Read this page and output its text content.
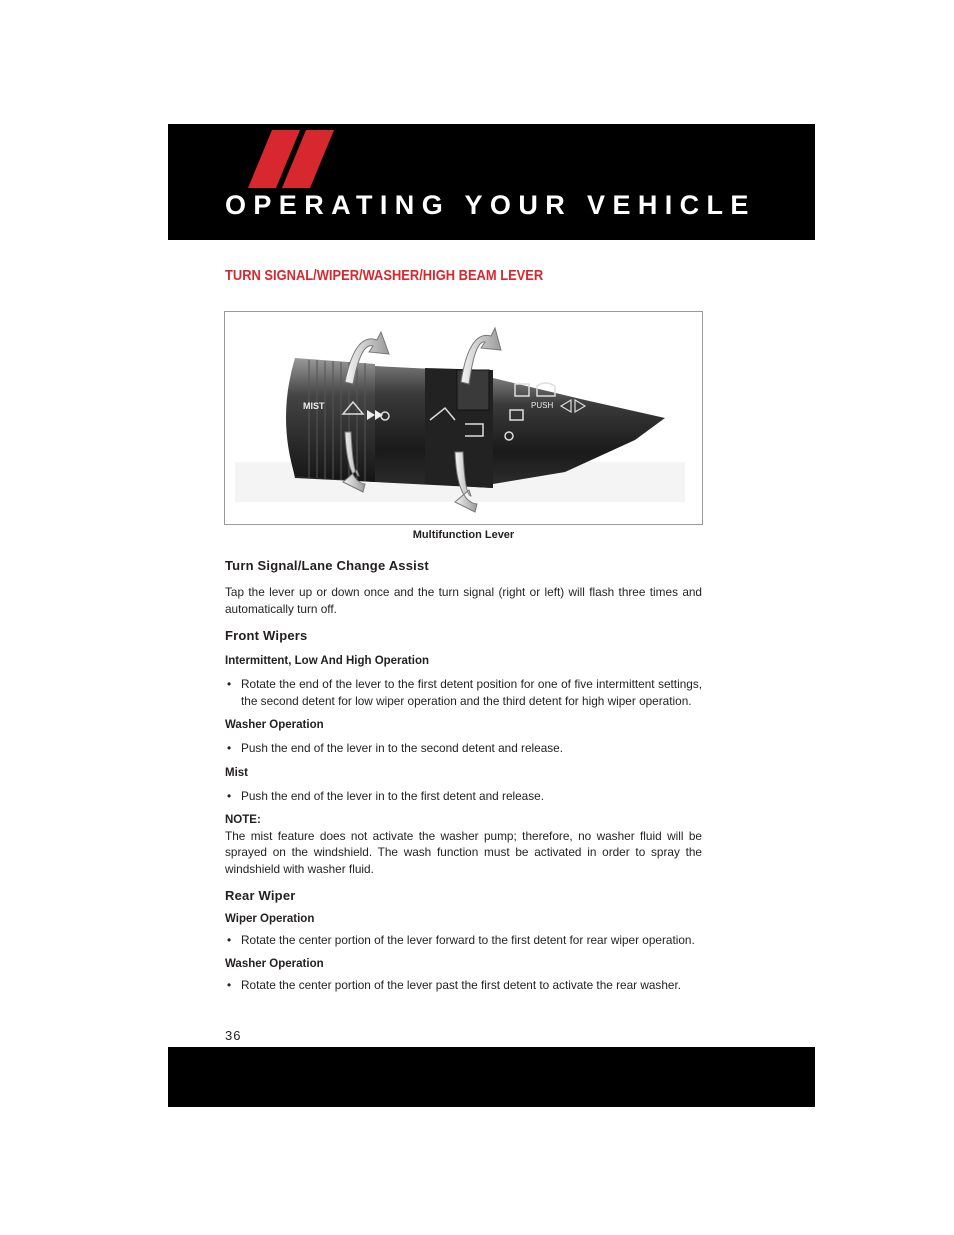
OPERATING YOUR VEHICLE
TURN SIGNAL/WIPER/WASHER/HIGH BEAM LEVER
MIST	PUSH
Multifunction Lever
Turn Signal/Lane Change Assist

Tap the lever up or down once and the turn signal (right or left) will flash three times and automatically turn off.

Front Wipers
Intermittent, Low And High Operation
• Rotate the end of the lever to the first detent position for one of five intermittent settings, the second detent for low wiper operation and the third detent for high wiper operation.
Washer Operation
• Push the end of the lever in to the second detent and release.
Mist
• Push the end of the lever in to the first detent and release.
NOTE:

The mist feature does not activate the washer pump; therefore, no washer fluid will be sprayed on the windshield. The wash function must be activated in order to spray the windshield with washer fluid.

Rear Wiper
Wiper Operation
• Rotate the center portion of the lever forward to the first detent for rear wiper operation.
Washer Operation
• Rotate the center portion of the lever past the first detent to activate the rear washer.
36
